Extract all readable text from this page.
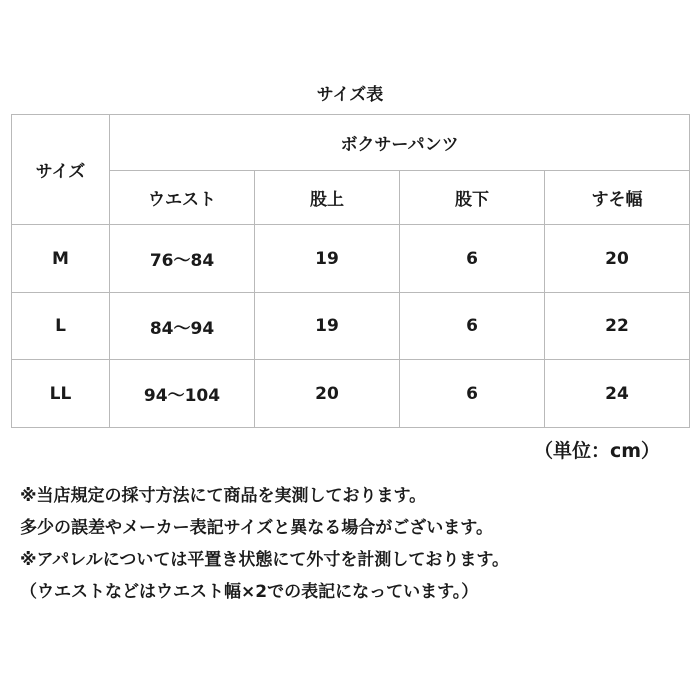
サイズ表
サイズ	ボクサーパンツ			
	ウエスト	股上	股下	すそ幅
M	76〜84	19	6	20
L	84〜94	19	6	22
LL	94〜104	20	6	24
（単位：cm）
※当店規定の採寸方法にて商品を実測しております。
多少の誤差やメーカー表記サイズと異なる場合がございます。
※アパレルについては平置き状態にて外寸を計測しております。
（ウエストなどはウエスト幅×2での表記になっています。）
